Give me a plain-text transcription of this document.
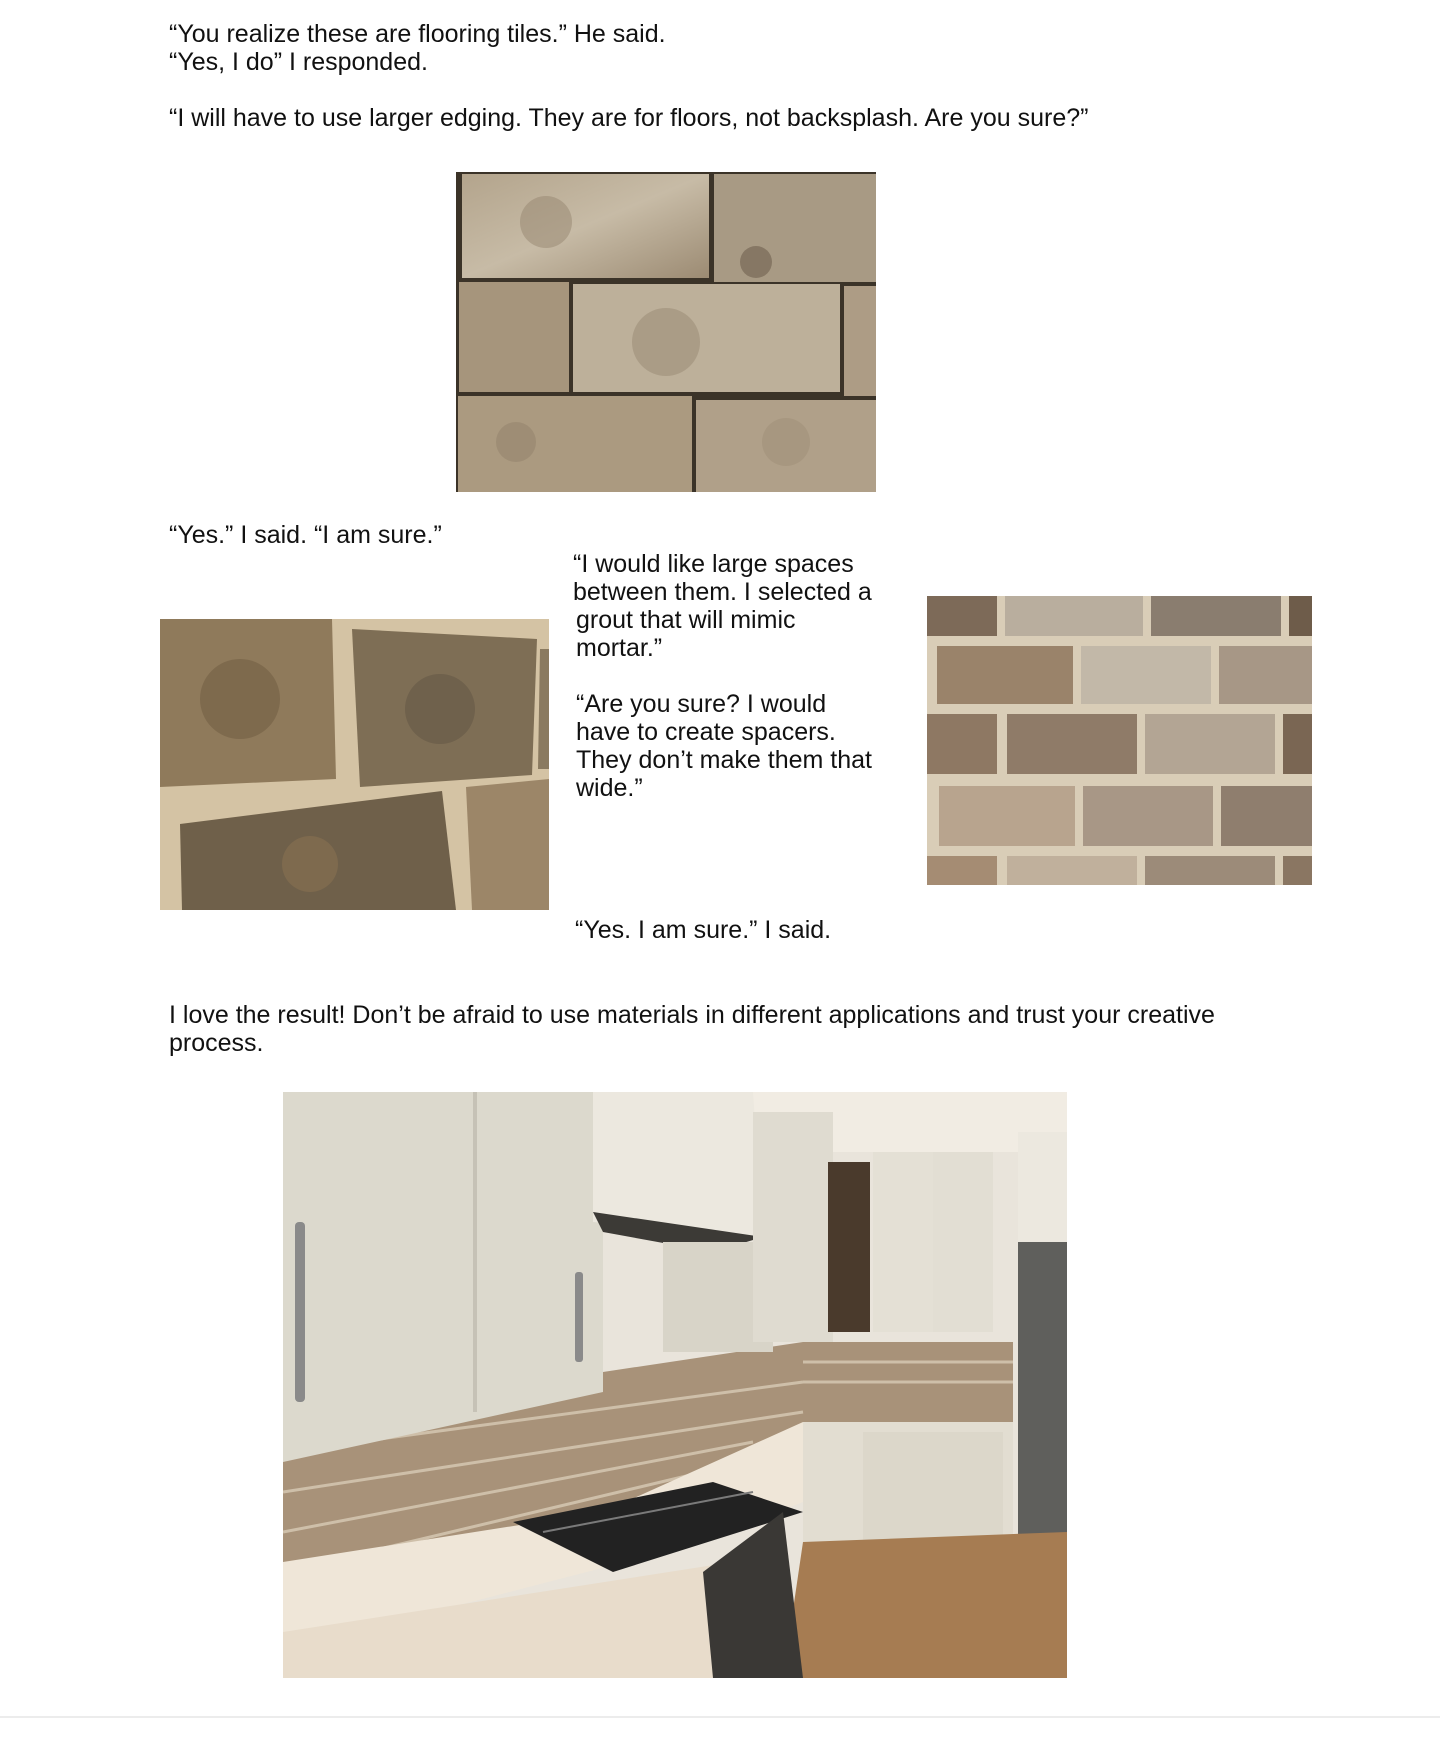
“You realize these are flooring tiles.” He said.

“Yes, I do” I responded.

“I will have to use larger edging. They are for floors, not backsplash. Are you sure?”

“Yes.” I said. “I am sure.”

“I would like large spaces

between them. I selected a

grout that will mimic

mortar.”

“Are you sure? I would

have to create spacers.

They don’t make them that

wide.”

“Yes. I am sure.” I said.

I love the result! Don’t be afraid to use materials in different applications and trust your creative

process.
